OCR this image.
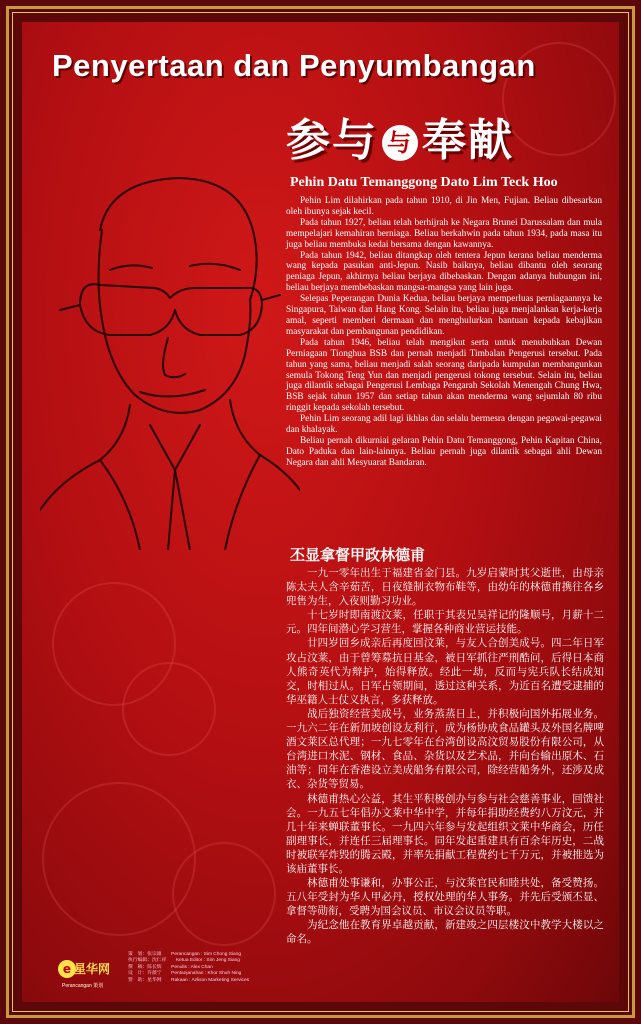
Penyertaan dan Penyumbangan
参与 与 奉献
Pehin Datu Temanggong Dato Lim Teck Hoo

Pehin Lim dilahirkan pada tahun 1910, di Jin Men, Fujian. Beliau dibesarkan oleh ibunya sejak kecil.

Pada tahun 1927, beliau telah berhijrah ke Negara Brunei Darussalam dan mula mempelajari kemahiran berniaga. Beliau berkahwin pada tahun 1934, pada masa itu juga beliau membuka kedai bersama dengan kawannya.

Pada tahun 1942, beliau ditangkap oleh tentera Jepun kerana beliau menderma wang kepada pasukan anti-Jepun. Nasib baiknya, beliau dibantu oleh seorang peniaga Jepun, akhirnya beliau berjaya dibebaskan. Dengan adanya hubungan ini, beliau berjaya membebaskan mangsa-mangsa yang lain juga.

Selepas Peperangan Dunia Kedua, beliau berjaya memperluas perniagaannya ke Singapura, Taiwan dan Hang Kong. Selain itu, beliau juga menjalankan kerja-kerja amal, seperti memberi dermaan dan menghulurkan bantuan kepada kebajikan masyarakat dan pembangunan pendidikan.

Pada tahun 1946, beliau telah mengikut serta untuk menubuhkan Dewan Perniagaan Tionghua BSB dan pernah menjadi Timbalan Pengerusi tersebut. Pada tahun yang sama, beliau menjadi salah seorang daripada kumpulan membangunkan semula Tokong Teng Yun dan menjadi pengerusi tokong tersebut. Selain itu, beliau juga dilantik sebagai Pengerusi Lembaga Pengarah Sekolah Menengah Chung Hwa, BSB sejak tahun 1957 dan setiap tahun akan menderma wang sejumlah 80 ribu ringgit kepada sekolah tersebut.

Pehin Lim seorang adil lagi ikhlas dan selalu bermesra dengan pegawai-pegawai dan khalayak.

Beliau pernah dikurniai gelaran Pehin Datu Temanggong, Pehin Kapitan China, Dato Paduka dan lain-lainnya. Beliau pernah juga dilantik sebagai ahli Dewan Negara dan ahli Mesyuarat Bandaran.

丕显拿督甲政林德甫

一九一零年出生于福建省金门县。九岁启蒙时其父逝世，由母亲陈太夫人含辛茹苦，日夜缝制衣物布鞋等，由幼年的林德甫携往各乡兜售为生，入夜则勤习功业。

十七岁时即南渡汶莱，任职于其表兄吴祥记的隆顺号，月薪十二元。四年间潜心学习营生，掌握各种商业营运技能。

廿四岁回乡成亲后再度回汶莱，与友人合创美成号。四二年日军攻占汶莱，由于曾筹募抗日基金，被日军抓往严刑酷问，后得日本商人熊奇英代为辩护，始得释放。经此一劫，反而与宪兵队长结成知交，时相过从。日军占领期间，透过这种关系，为近百名遭受逮捕的华巫籍人士仗义执言，多获释放。

战后独资经营美成号，业务蒸蒸日上，并积极向国外拓展业务。一九六二年在新加坡创设友利行，成为杨协成食品罐头及外国名牌啤酒文莱区总代理；一九七零年在台湾创设高汶贸易股份有限公司，从台湾进口水泥、钢材、食品、杂货以及艺术品，并向台输出原木、石油等；同年在香港设立美成船务有限公司，除经营船务外，还涉及成衣、杂货等贸易。

林德甫热心公益，其生平积极创办与参与社会慈善事业，回馈社会。一九五七年倡办文莱中华中学，并每年捐助经费约八万汶元，并几十年来蝉联董事长。一九四六年参与发起组织文莱中华商会，历任副理事长，并连任三届理事长。同年发起重建具有百余年历史，二战时被联军炸毁的腾云殿，并率先捐献工程费约七千万元，并被推选为该庙董事长。

林德甫处事谦和，办事公正，与汶莱官民和睦共处，备受赞扬。五八年受封为华人甲必丹，授权处理的华人事务。并先后受颁丕显、拿督等勋衔，受聘为国会议员、市议会议员等职。

为纪念他在教育界卓越贡献，新建竣之四层楼汶中教学大楼以之命名。

e 星华网
Perancangan 策划
策　划：张宗雄　　Perancangan : Sim Chong Siang
执行编辑：沈仁祥　　Ketua Editor : Sim Jeng Siang
撰　稿：陈长辉　　Penulis : Alex Chan
设　计：许薇宁　　Pentanjanahan : Khor Shuh Ning
赞　助：星华网　　Rakaan : Azlison Marketing Services
